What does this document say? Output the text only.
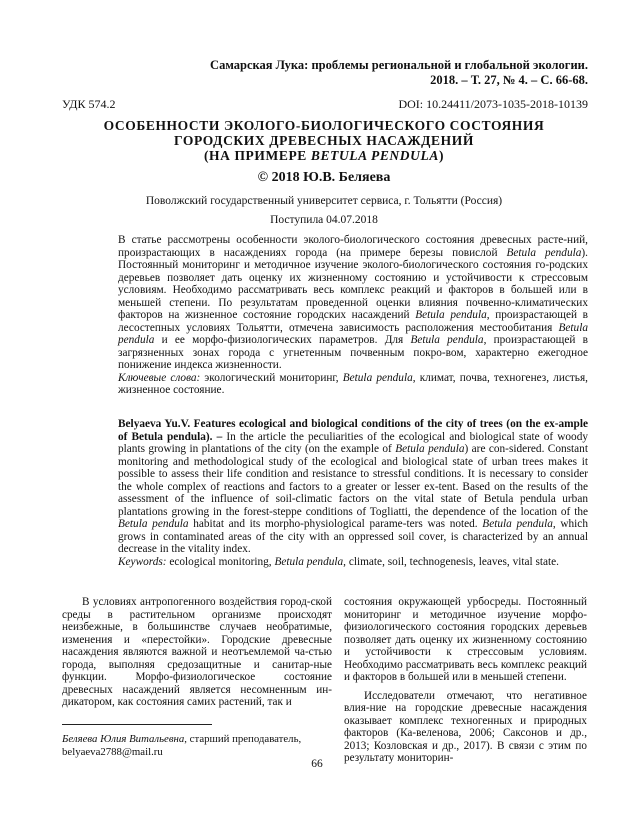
Самарская Лука: проблемы региональной и глобальной экологии.
2018. – Т. 27, № 4. – С. 66-68.
УДК 574.2	DOI: 10.24411/2073-1035-2018-10139
ОСОБЕННОСТИ ЭКОЛОГО-БИОЛОГИЧЕСКОГО СОСТОЯНИЯ
ГОРОДСКИХ ДРЕВЕСНЫХ НАСАЖДЕНИЙ
(НА ПРИМЕРЕ BETULA PENDULA)
© 2018 Ю.В. Беляева
Поволжский государственный университет сервиса, г. Тольятти (Россия)
Поступила 04.07.2018

В статье рассмотрены особенности эколого-биологического состояния древесных расте-ний, произрастающих в насаждениях города (на примере березы повислой Betula pendula). Постоянный мониторинг и методичное изучение эколого-биологического состояния го-родских деревьев позволяет дать оценку их жизненному состоянию и устойчивости к стрессовым условиям. Необходимо рассматривать весь комплекс реакций и факторов в большей или в меньшей степени. По результатам проведенной оценки влияния почвенно-климатических факторов на жизненное состояние городских насаждений Betula pendula, произрастающей в лесостепных условиях Тольятти, отмечена зависимость расположения местообитания Betula pendula и ее морфо-физиологических параметров. Для Betula pendula, произрастающей в загрязненных зонах города с угнетенным почвенным покро-вом, характерно ежегодное понижение индекса жизненности.

Ключевые слова: экологический мониторинг, Betula pendula, климат, почва, техногенез, листья, жизненное состояние.

Belyaeva Yu.V. Features ecological and biological conditions of the city of trees (on the ex-ample of Betula pendula). – In the article the peculiarities of the ecological and biological state of woody plants growing in plantations of the city (on the example of Betula pendula) are con-sidered. Constant monitoring and methodological study of the ecological and biological state of urban trees makes it possible to assess their life condition and resistance to stressful conditions. It is necessary to consider the whole complex of reactions and factors to a greater or lesser ex-tent. Based on the results of the assessment of the influence of soil-climatic factors on the vital state of Betula pendula urban plantations growing in the forest-steppe conditions of Togliatti, the dependence of the location of the Betula pendula habitat and its morpho-physiological parame-ters was noted. Betula pendula, which grows in contaminated areas of the city with an oppressed soil cover, is characterized by an annual decrease in the vitality index.

Keywords: ecological monitoring, Betula pendula, climate, soil, technogenesis, leaves, vital state.

В условиях антропогенного воздействия город-ской среды в растительном организме происходят неизбежные, в большинстве случаев необратимые, изменения и «перестойки». Городские древесные насаждения являются важной и неотъемлемой ча-стью города, выполняя средозащитные и санитар-ные функции. Морфо-физиологическое состояние древесных насаждений является несомненным ин-дикатором, как состояния самих растений, так и

состояния окружающей урбосреды. Постоянный мониторинг и методичное изучение морфо-физиологического состояния городских деревьев позволяет дать оценку их жизненному состоянию и устойчивости к стрессовым условиям. Необходимо рассматривать весь комплекс реакций и факторов в большей или в меньшей степени.

Исследователи отмечают, что негативное влия-ние на городские древесные насаждения оказывает комплекс техногенных и природных факторов (Ка-веленова, 2006; Саксонов и др., 2013; Козловская и др., 2017). В связи с этим по результату мониторин-

Беляева Юлия Витальевна, старший преподаватель,
belyaeva2788@mail.ru
66
